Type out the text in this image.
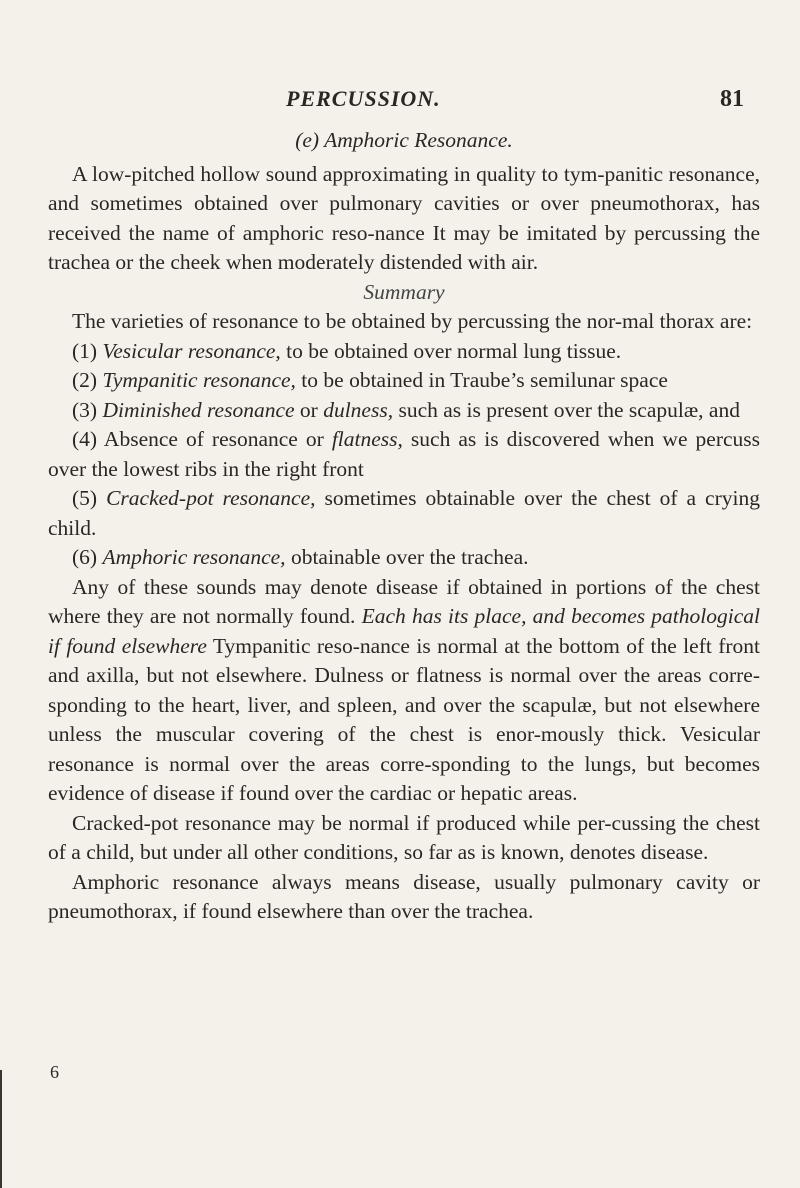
PERCUSSION.	81
(e) Amphoric Resonance.

A low-pitched hollow sound approximating in quality to tym-panitic resonance, and sometimes obtained over pulmonary cavities or over pneumothorax, has received the name of amphoric reso-nance It may be imitated by percussing the trachea or the cheek when moderately distended with air.

Summary

The varieties of resonance to be obtained by percussing the nor-mal thorax are:

(1) Vesicular resonance, to be obtained over normal lung tissue.

(2) Tympanitic resonance, to be obtained in Traube’s semilunar space

(3) Diminished resonance or dulness, such as is present over the scapulæ, and

(4) Absence of resonance or flatness, such as is discovered when we percuss over the lowest ribs in the right front

(5) Cracked-pot resonance, sometimes obtainable over the chest of a crying child.

(6) Amphoric resonance, obtainable over the trachea.

Any of these sounds may denote disease if obtained in portions of the chest where they are not normally found. Each has its place, and becomes pathological if found elsewhere Tympanitic reso-nance is normal at the bottom of the left front and axilla, but not elsewhere. Dulness or flatness is normal over the areas corre-sponding to the heart, liver, and spleen, and over the scapulæ, but not elsewhere unless the muscular covering of the chest is enor-mously thick. Vesicular resonance is normal over the areas corre-sponding to the lungs, but becomes evidence of disease if found over the cardiac or hepatic areas.

Cracked-pot resonance may be normal if produced while per-cussing the chest of a child, but under all other conditions, so far as is known, denotes disease.

Amphoric resonance always means disease, usually pulmonary cavity or pneumothorax, if found elsewhere than over the trachea.

6
